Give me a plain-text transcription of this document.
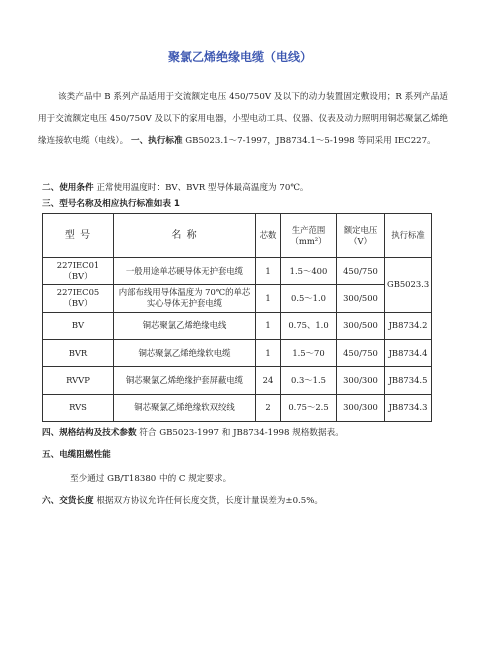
聚氯乙烯绝缘电缆（电线）

该类产品中 B 系列产品适用于交流额定电压 450/750V 及以下的动力装置固定敷设用；R 系列产品适用于交流额定电压 450/750V 及以下的家用电器，小型电动工具、仪器、仪表及动力照明用铜芯聚氯乙烯绝缘连接软电缆（电线）。 一、执行标准 GB5023.1～7-1997，JB8734.1～5-1998 等同采用 IEC227。

二、使用条件 正常使用温度时：BV、BVR 型导体最高温度为 70℃。
三、型号名称及相应执行标准如表 1
型 号	名 称	芯数	生产范围（mm²）	额定电压（V）	执行标准
227IEC01（BV）	一般用途单芯硬导体无护套电缆	1	1.5～400	450/750	GB5023.3
227IEC05（BV）	内部布线用导体温度为 70℃的单芯实心导体无护套电缆	1	0.5～1.0	300/500	
BV	铜芯聚氯乙烯绝缘电线	1	0.75、1.0	300/500	JB8734.2
BVR	铜芯聚氯乙烯绝缘软电缆	1	1.5～70	450/750	JB8734.4
RVVP	铜芯聚氯乙烯绝缘护套屏蔽电缆	24	0.3～1.5	300/300	JB8734.5
RVS	铜芯聚氯乙烯绝缘软双绞线	2	0.75～2.5	300/300	JB8734.3
四、规格结构及技术参数 符合 GB5023-1997 和 JB8734-1998 规格数据表。
五、电缆阻燃性能
至少通过 GB/T18380 中的 C 规定要求。
六、交货长度 根据双方协议允许任何长度交货，长度计量误差为±0.5%。
